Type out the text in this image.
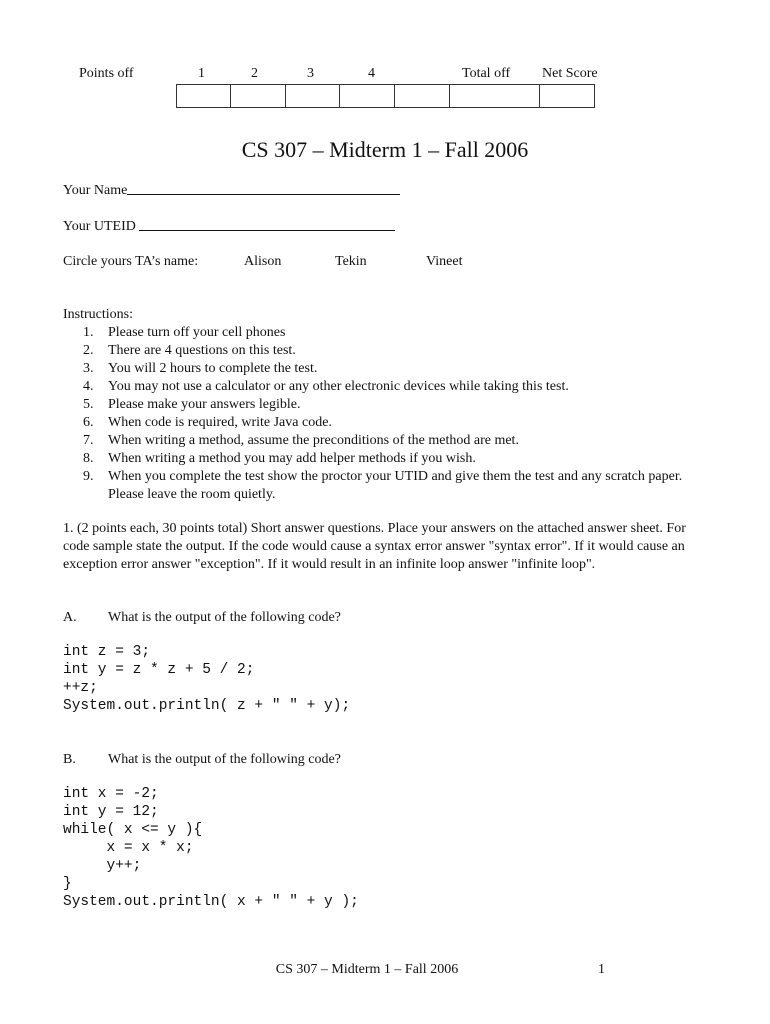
Points off	1	2	3	4	Total off Net Score

CS 307 – Midterm 1 – Fall 2006
Your Name
Your UTEID
Circle yours TA’s name:	Alison	Tekin	Vineet
Instructions:
1. Please turn off your cell phones
2. There are 4 questions on this test.
3. You will 2 hours to complete the test.
4. You may not use a calculator or any other electronic devices while taking this test.
5. Please make your answers legible.
6. When code is required, write Java code.
7. When writing a method, assume the preconditions of the method are met.
8. When writing a method you may add helper methods if you wish.
9. When you complete the test show the proctor your UTID and give them the test and any scratch paper. Please leave the room quietly.
1. (2 points each, 30 points total) Short answer questions. Place your answers on the attached answer sheet. For code sample state the output. If the code would cause a syntax error answer "syntax error". If it would cause an exception error answer "exception". If it would result in an infinite loop answer "infinite loop".
A. What is the output of the following code?
int z = 3;
int y = z * z + 5 / 2;
++z;
System.out.println( z + " " + y);
B. What is the output of the following code?
int x = -2;
int y = 12;
while( x <= y ){
x = x * x;
y++;
}
System.out.println( x + " " + y );
CS 307 – Midterm 1 – Fall 2006	1
